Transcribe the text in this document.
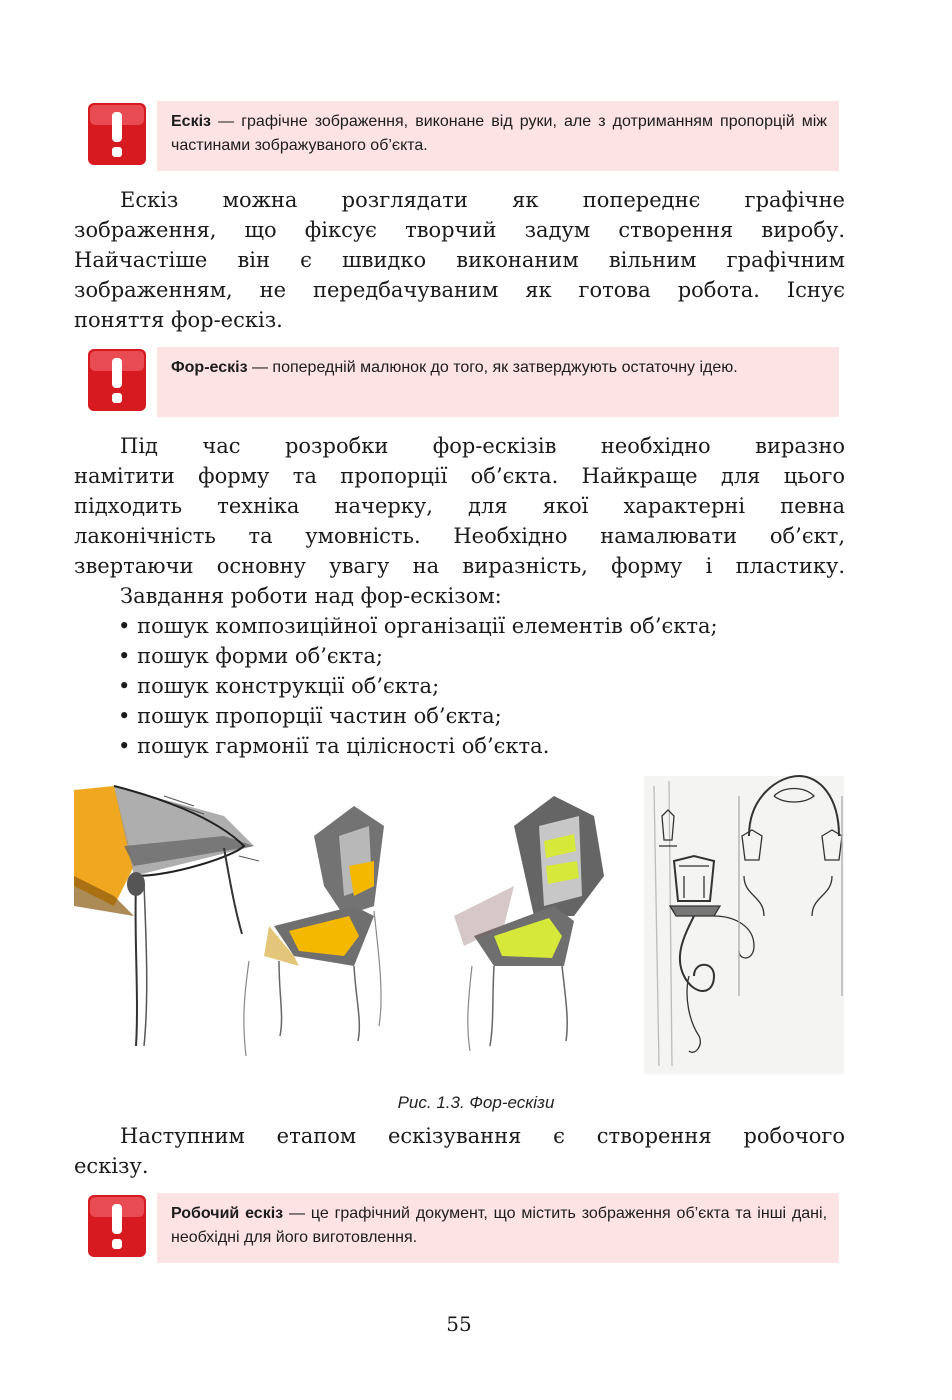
Ескіз — графічне зображення, виконане від руки, але з дотриманням пропорцій між частинами зображуваного об’єкта.
Ескіз можна розглядати як попереднє графічне
зображення, що фіксує творчий задум створення виробу.
Найчастіше він є швидко виконаним вільним графічним
зображенням, не передбачуваним як готова робота. Існує
поняття фор-ескіз.
Фор-ескіз — попередній малюнок до того, як затверджують остаточну ідею.
Під час розробки фор-ескізів необхідно виразно
намітити форму та пропорції об’єкта. Найкраще для цього
підходить техніка начерку, для якої характерні певна
лаконічність та умовність. Необхідно намалювати об’єкт,
звертаючи основну увагу на виразність, форму і пластику.
Завдання роботи над фор-ескізом:
• пошук композиційної організації елементів об’єкта;
• пошук форми об’єкта;
• пошук конструкції об’єкта;
• пошук пропорції частин об’єкта;
• пошук гармонії та цілісності об’єкта.
Рис. 1.3. Фор-ескізи
Наступним етапом ескізування є створення робочого
ескізу.
Робочий ескіз — це графічний документ, що містить зображення об’єкта та інші дані, необхідні для його виготовлення.
55
